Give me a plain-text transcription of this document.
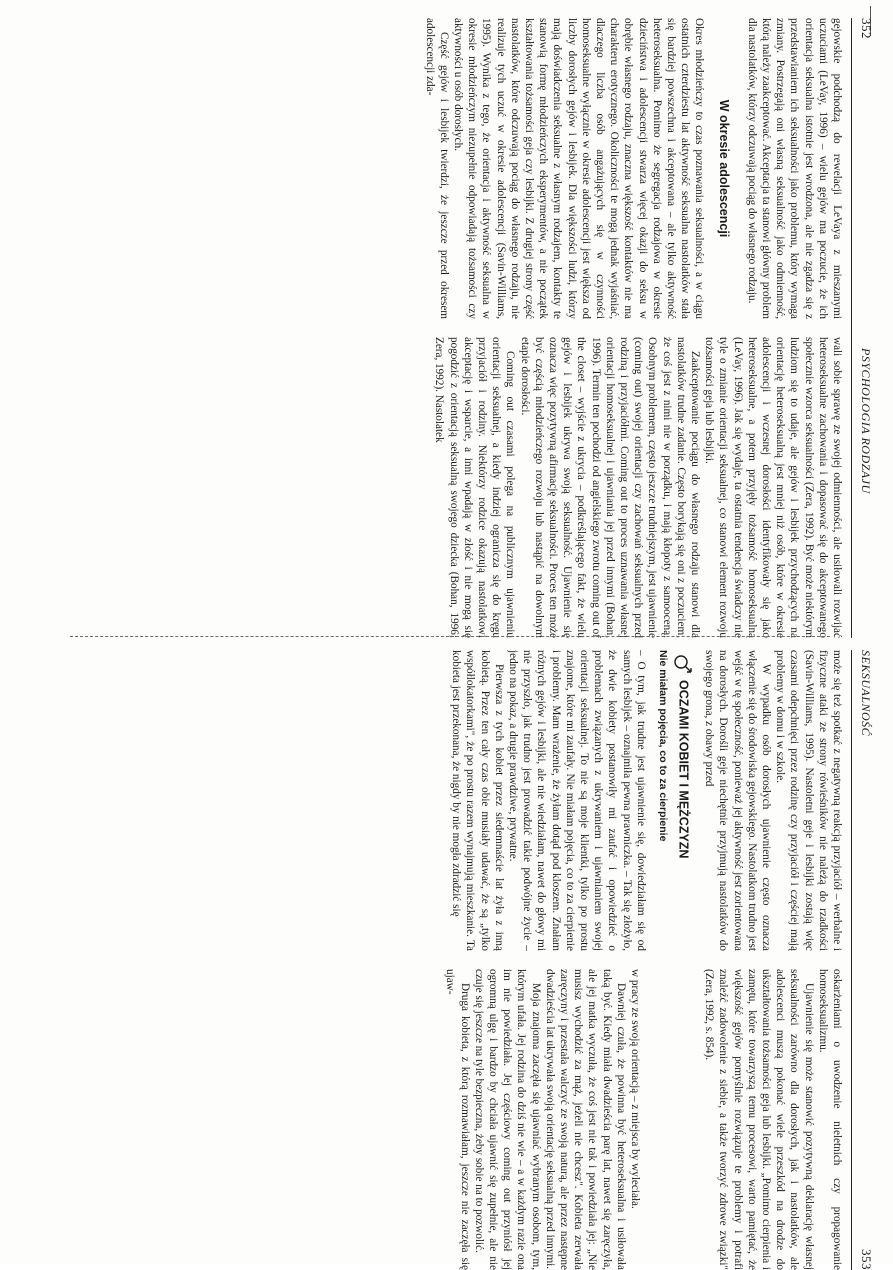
352
PSYCHOLOGIA RODZAJU

gejowskie podchodzą do rewelacji LeVaya z mieszanymi uczuciami (LeVay, 1996) – wielu gejów ma poczucie, że ich orientacja seksualna istotnie jest wrodzona, ale nie zgadza się z przedstawianiem ich seksualności jako problemu, który wymaga zmiany. Postrzegają oni własną seksualność jako odmienność, którą należy zaakceptować. Akceptacja ta stanowi główny problem dla nastolatków, którzy odczuwają pociąg do własnego rodzaju.

W okresie adolescencji

Okres młodzieńczy to czas poznawania seksualności, a w ciągu ostatnich czterdziestu lat aktywność seksualna nastolatków stała się bardziej powszechna i akceptowana – ale tylko aktywność heteroseksualna. Pomimo że segregacja rodzajowa w okresie dzieciństwa i adolescencji stwarza więcej okazji do seksu w obrębie własnego rodzaju, znaczna większość kontaktów nie ma charakteru erotycznego. Okoliczności te mogą jednak wyjaśniać, dlaczego liczba osób angażujących się w czynności homoseksualne wyłącznie w okresie adolescencji jest większa od liczby dorosłych gejów i lesbijek. Dla większości ludzi, którzy mają doświadczenia seksualne z własnym rodzajem, kontakty te stanowią formę młodzieńczych eksperymentów, a nie początek kształtowania tożsamości geja czy lesbijki. Z drugiej strony część nastolatków, które odczuwają pociąg do własnego rodzaju, nie realizuje tych uczuć w okresie adolescencji (Savin-Williams, 1995). Wynika z tego, że orientacja i aktywność seksualna w okresie młodzieńczym niezupełnie odpowiadają tożsamości czy aktywności u osób dorosłych.

Część gejów i lesbijek twierdzi, że jeszcze przed okresem adolescencji zda-

wali sobie sprawę ze swojej odmienności, ale usiłowali rozwijać heteroseksualne zachowania i dopasować się do akceptowanego społecznie wzorca seksualności (Zera, 1992). Być może niektórym ludziom się to udaje, ale gejów i lesbijek przychodzących na orientację heteroseksualną jest mniej niż osób, które w okresie adolescencji i wczesnej dorosłości identyfikowały się jako heteroseksualne, a potem przyjęły tożsamość homoseksualną (LeVay, 1996). Jak się wydaje, ta ostatnia tendencja świadczy nie tyle o zmianie orientacji seksualnej, co stanowi element rozwoju tożsamości geja lub lesbijki.

Zaakceptowanie pociągu do własnego rodzaju stanowi dla nastolatków trudne zadanie. Często borykają się oni z poczuciem, że coś jest z nimi nie w porządku, i mają kłopoty z samooceną. Osobnym problemem, często jeszcze trudniejszym, jest ujawnienie (coming out) swojej orientacji czy zachowań seksualnych przed rodziną i przyjaciółmi. Coming out to proces uznawania własnej orientacji homoseksualnej i ujawniania jej przed innymi (Bohan, 1996). Termin ten pochodzi od angielskiego zwrotu coming out of the closet – wyjście z ukrycia – podkreślającego fakt, że wielu gejów i lesbijek ukrywa swoją seksualność. Ujawnienie się oznacza więc pozytywną afirmację seksualności. Proces ten może być częścią młodzieńczego rozwoju lub nastąpić na dowolnym etapie dorosłości.

Coming out czasami polega na publicznym ujawnieniu orientacji seksualnej, a kiedy indziej ogranicza się do kręgu przyjaciół i rodziny. Niektórzy rodzice okazują nastolatkowi akceptację i wsparcie, a inni wpadają w złość i nie mogą się pogodzić z orientacją seksualną swojego dziecka (Bohan, 1996; Zera, 1992). Nastolatek

SEKSUALNOŚĆ
353

może się też spotkać z negatywną reakcją przyjaciół – werbalne i fizyczne ataki ze strony rówieśników nie należą do rzadkości (Savin-Williams, 1995). Nastoletni geje i lesbijki zostają więc czasami odepchnięci przez rodzinę czy przyjaciół i częściej mają problemy w domu i w szkole.

W wypadku osób dorosłych ujawnienie często oznacza włączenie się do środowiska gejowskiego. Nastolatkom trudno jest wejść w tę społeczność, ponieważ jej aktywność jest zorientowana na dorosłych. Dorośli geje niechętnie przyjmują nastolatków do swojego grona, z obawy przed

OCZAMI KOBIET I MĘŻCZYZN
Nie miałam pojęcia, co to za cierpienie

– O tym, jak trudne jest ujawnienie się, dowiedziałam się od samych lesbijek – oznajmiła pewna prawniczka. – Tak się złożyło, że dwie kobiety postanowiły mi zaufać i opowiedzieć o problemach związanych z ukrywaniem i ujawnianiem swojej orientacji seksualnej. To nie są moje klientki, tylko po prostu znajome, które mi zaufały. Nie miałam pojęcia, co to za cierpienie i problemy. Mam wrażenie, że żyłam dotąd pod kloszem. Znałam różnych gejów i lesbijki, ale nie wiedziałam, nawet do głowy mi nie przyszło, jak trudno jest prowadzić takie podwójne życie – jedno na pokaz, a drugie prawdziwe, prywatne.

Pierwsza z tych kobiet przez siedemnaście lat żyła z inną kobietą. Przez ten cały czas obie musiały udawać, że są „tylko współlokatorkami", że po prostu razem wynajmują mieszkanie. Ta kobieta jest przekonana, że nigdy by nie mogła zdradzić się

oskarżeniami o uwodzenie nieletnich czy propagowanie homoseksualizmu.

Ujawnienie się może stanowić pozytywną deklarację własnej seksualności zarówno dla dorosłych, jak i nastolatków, ale adolescenci muszą pokonać wiele przeszkód na drodze do ukształtowania tożsamości geja lub lesbijki. „Pomimo cierpienia i zamętu, które towarzyszą temu procesowi, warto pamiętać, że większość gejów pomyślnie rozwiązuje te problemy i potrafi znaleźć zadowolenie z siebie, a także tworzyć zdrowe związki" (Zera, 1992, s. 854).

w pracy ze swoją orientacją – z miejsca by wyleciała.

Dawniej czuła, że powinna być heteroseksualna i usiłowała taką być. Kiedy miała dwadzieścia parę lat, nawet się zaręczyła, ale jej matka wyczuła, że coś jest nie tak i powiedziała jej: „Nie musisz wychodzić za mąż, jeżeli nie chcesz". Kobieta zerwała zaręczyny i przestała walczyć ze swoją naturą, ale przez następne dwadzieścia lat ukrywała swoją orientację seksualną przed innymi.

Moja znajoma zaczęła się ujawniać wybranym osobom, tym, którym ufała. Jej rodzina do dziś nie wie – a w każdym razie ona im nie powiedziała. Jej częściowy coming out przyniósł jej ogromną ulgę i bardzo by chciała ujawnić się zupełnie, ale nie czuje się jeszcze na tyle bezpieczna, żeby sobie na to pozwolić.

Druga kobieta, z którą rozmawiałam, jeszcze nie zaczęła się ujaw-
